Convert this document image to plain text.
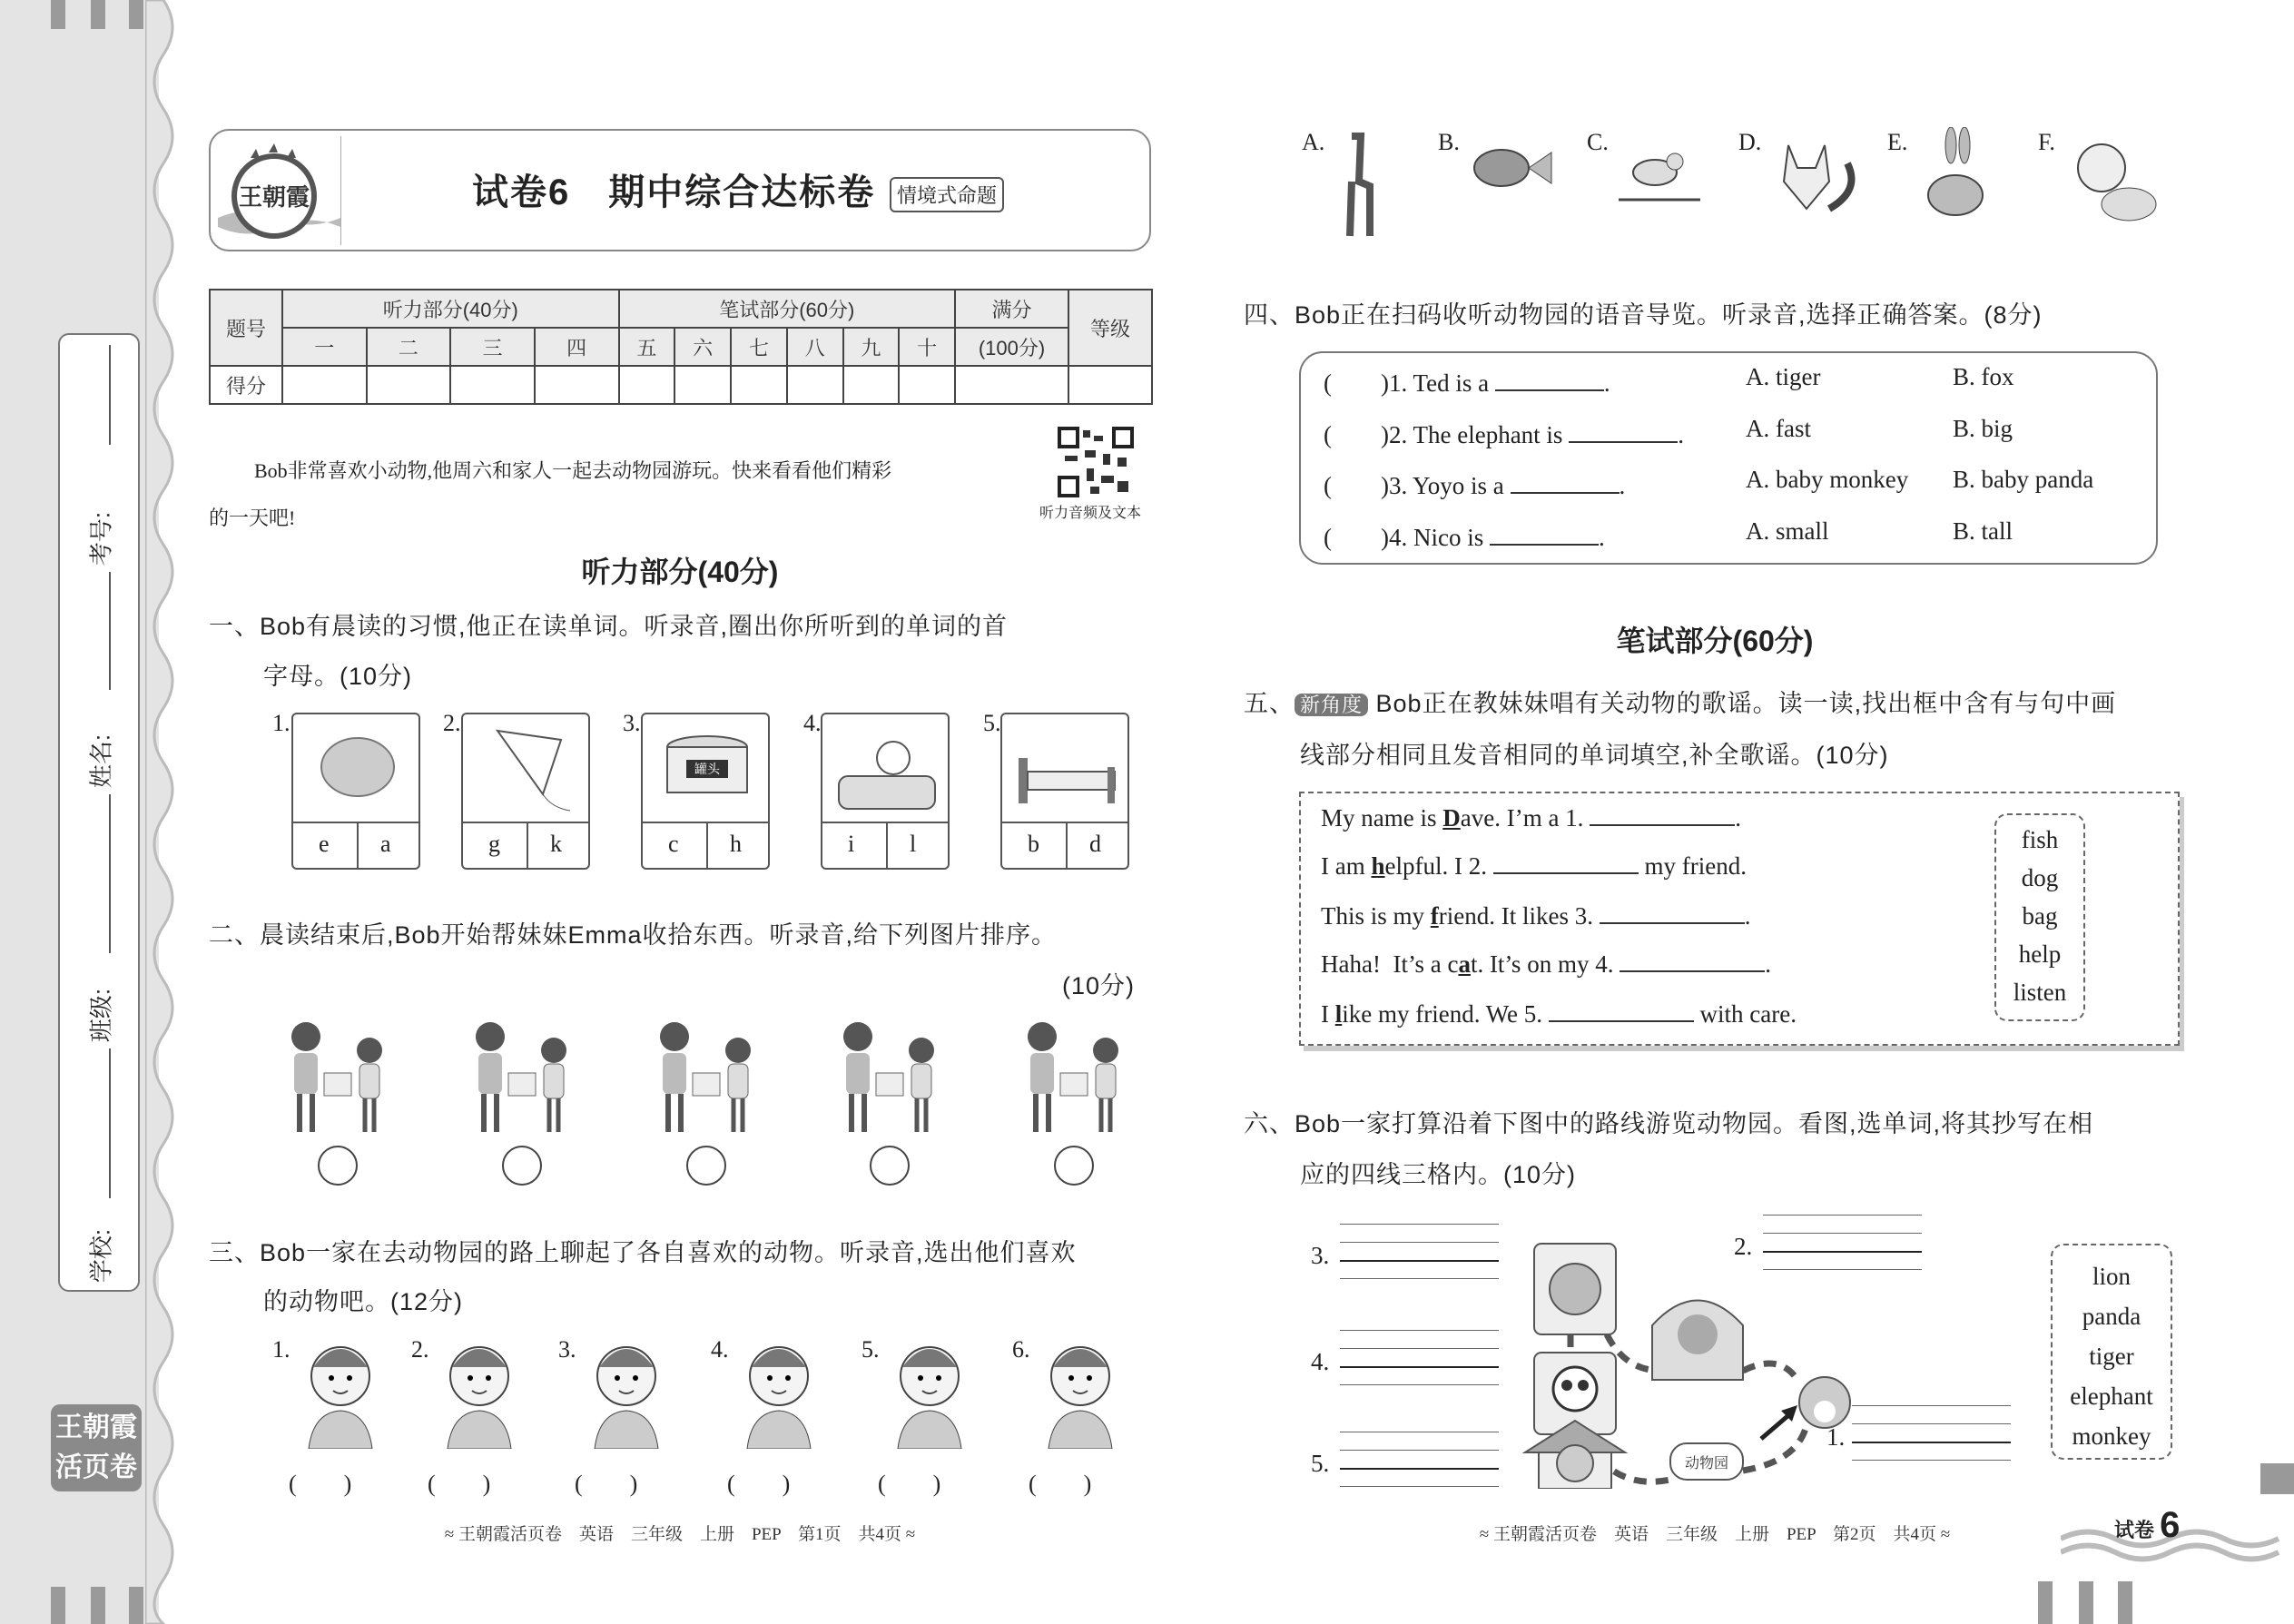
考号:
姓名:
班级:
学校:
王朝霞
活页卷
王朝霞	试卷6　期中综合达标卷	情境式命题
题号	听力部分(40分)				笔试部分(60分)						满分	等级
	一	二	三	四	五	六	七	八	九	十	(100分)	
得分												
Bob非常喜欢小动物,他周六和家人一起去动物园游玩。快来看看他们精彩
的一天吧!	听力音频及文本
听力部分(40分)
一、Bob有晨读的习惯,他正在读单词。听录音,圈出你所听到的单词的首
字母。(10分)
二、晨读结束后,Bob开始帮妹妹Emma收拾东西。听录音,给下列图片排序。
(10分)
三、Bob一家在去动物园的路上聊起了各自喜欢的动物。听录音,选出他们喜欢
的动物吧。(12分)
≈ 王朝霞活页卷　英语　三年级　上册　PEP　第1页　共4页 ≈
四、Bob正在扫码收听动物园的语音导览。听录音,选择正确答案。(8分)
笔试部分(60分)
五、 新角度 Bob正在教妹妹唱有关动物的歌谣。读一读,找出框中含有与句中画
线部分相同且发音相同的单词填空,补全歌谣。(10分)
fish
dog
bag
help
listen
六、Bob一家打算沿着下图中的路线游览动物园。看图,选单词,将其抄写在相
应的四线三格内。(10分)
动物园
lion
panda
tiger
elephant
monkey
≈ 王朝霞活页卷　英语　三年级　上册　PEP　第2页　共4页 ≈	试卷 6
1.
e a
2.
g k
3.
罐头
c h
4.
i l
5.
b d
1.
(　　)
2.
(　　)
3.
(　　)
4.
(　　)
5.
(　　)
6.
(　　)
A.	B.	C.	D.	E.	F.
(　　)1. Ted is a	.	A. tiger	B. fox
(　　)2. The elephant is	.	A. fast	B. big
(　　)3. Yoyo is a	.	A. baby monkey B. baby panda
(　　)4. Nico is	.	A. small	B. tall
My name is Dave. I’m a 1.	.
I am helpful. I 2.	my friend.
This is my friend. It likes 3.	.
Haha!  It’s a cat. It’s on my 4.	.
I like my friend. We 5.	with care.
1.
2.
3.
4.
5.
